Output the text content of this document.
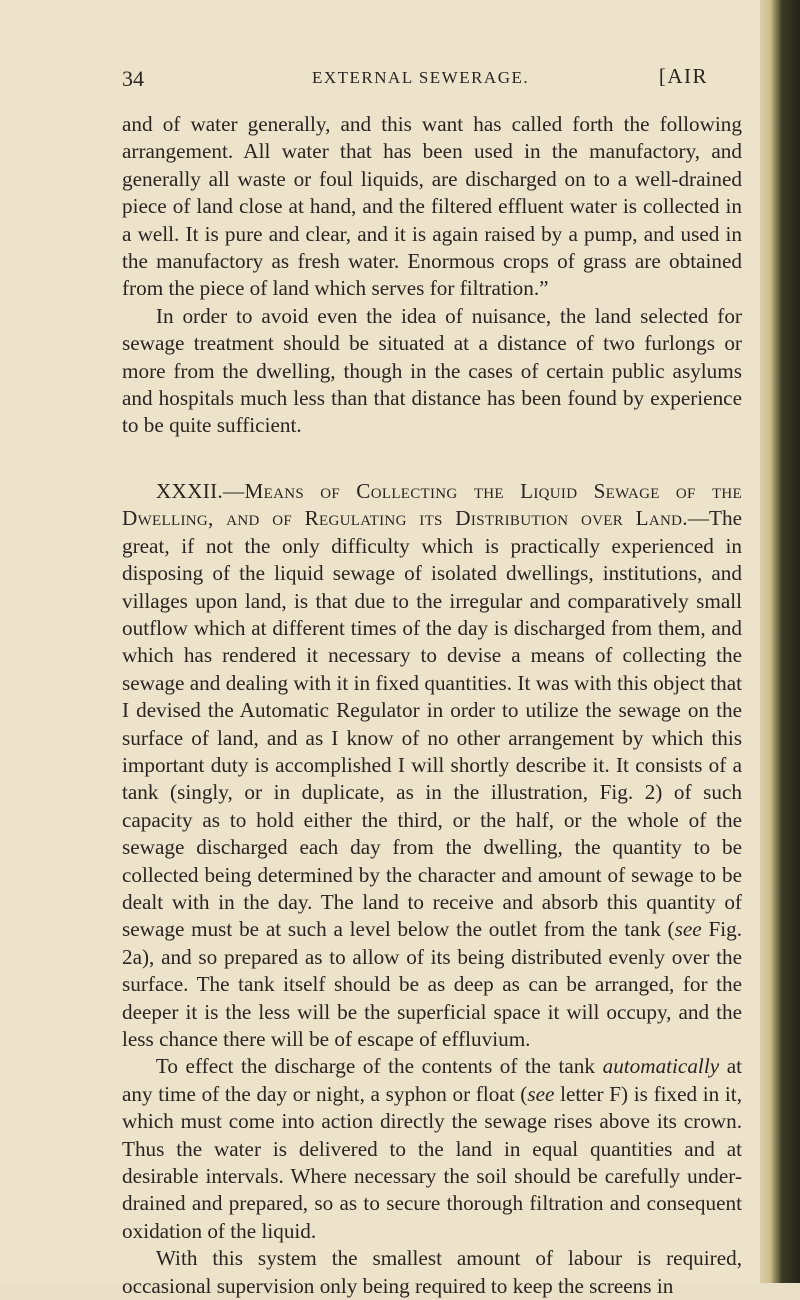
34	EXTERNAL SEWERAGE.	[AIR

and of water generally, and this want has called forth the following arrangement. All water that has been used in the manufactory, and generally all waste or foul liquids, are discharged on to a well-drained piece of land close at hand, and the filtered effluent water is collected in a well. It is pure and clear, and it is again raised by a pump, and used in the manufactory as fresh water. Enormous crops of grass are obtained from the piece of land which serves for filtration.”

In order to avoid even the idea of nuisance, the land selected for sewage treatment should be situated at a distance of two furlongs or more from the dwelling, though in the cases of certain public asylums and hospitals much less than that distance has been found by experience to be quite sufficient.

XXXII.—Means of Collecting the Liquid Sewage of the Dwelling, and of Regulating its Distribution over Land.—The great, if not the only difficulty which is practically experienced in disposing of the liquid sewage of isolated dwellings, institutions, and villages upon land, is that due to the irregular and comparatively small outflow which at different times of the day is discharged from them, and which has rendered it necessary to devise a means of collecting the sewage and dealing with it in fixed quantities. It was with this object that I devised the Automatic Regulator in order to utilize the sewage on the surface of land, and as I know of no other arrangement by which this important duty is accomplished I will shortly describe it. It consists of a tank (singly, or in duplicate, as in the illustration, Fig. 2) of such capacity as to hold either the third, or the half, or the whole of the sewage discharged each day from the dwelling, the quantity to be collected being determined by the character and amount of sewage to be dealt with in the day. The land to receive and absorb this quantity of sewage must be at such a level below the outlet from the tank (see Fig. 2a), and so prepared as to allow of its being distributed evenly over the surface. The tank itself should be as deep as can be arranged, for the deeper it is the less will be the superficial space it will occupy, and the less chance there will be of escape of effluvium.

To effect the discharge of the contents of the tank automatically at any time of the day or night, a syphon or float (see letter F) is fixed in it, which must come into action directly the sewage rises above its crown. Thus the water is delivered to the land in equal quantities and at desirable intervals. Where necessary the soil should be carefully under-drained and prepared, so as to secure thorough filtration and consequent oxidation of the liquid.

With this system the smallest amount of labour is required, occasional supervision only being required to keep the screens in
